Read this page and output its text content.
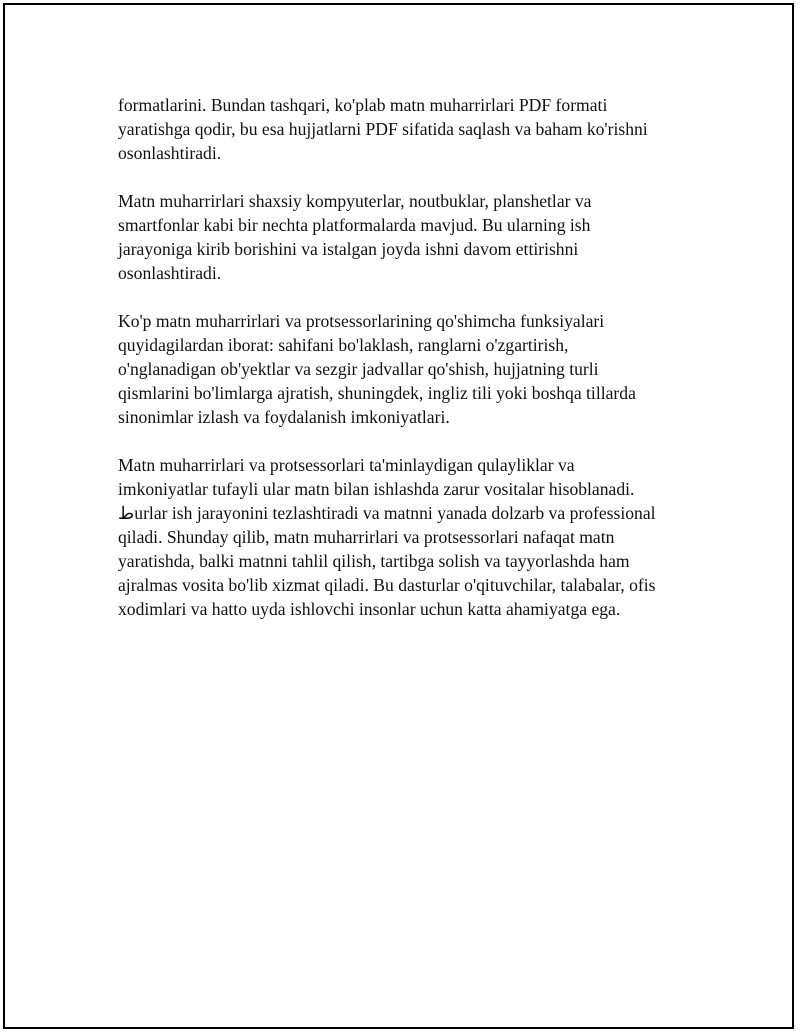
formatlarini. Bundan tashqari, ko'plab matn muharrirlari PDF formati
yaratishga qodir, bu esa hujjatlarni PDF sifatida saqlash va baham ko'rishni
osonlashtiradi.

Matn muharrirlari shaxsiy kompyuterlar, noutbuklar, planshetlar va
smartfonlar kabi bir nechta platformalarda mavjud. Bu ularning ish
jarayoniga kirib borishini va istalgan joyda ishni davom ettirishni
osonlashtiradi.

Ko'p matn muharrirlari va protsessorlarining qo'shimcha funksiyalari
quyidagilardan iborat: sahifani bo'laklash, ranglarni o'zgartirish,
o'nglanadigan ob'yektlar va sezgir jadvallar qo'shish, hujjatning turli
qismlarini bo'limlarga ajratish, shuningdek, ingliz tili yoki boshqa tillarda
sinonimlar izlash va foydalanish imkoniyatlari.

Matn muharrirlari va protsessorlari ta'minlaydigan qulayliklar va
imkoniyatlar tufayli ular matn bilan ishlashda zarur vositalar hisoblanadi.
طurlar ish jarayonini tezlashtiradi va matnni yanada dolzarb va professional
qiladi. Shunday qilib, matn muharrirlari va protsessorlari nafaqat matn
yaratishda, balki matnni tahlil qilish, tartibga solish va tayyorlashda ham
ajralmas vosita bo'lib xizmat qiladi. Bu dasturlar o'qituvchilar, talabalar, ofis
xodimlari va hatto uyda ishlovchi insonlar uchun katta ahamiyatga ega.
